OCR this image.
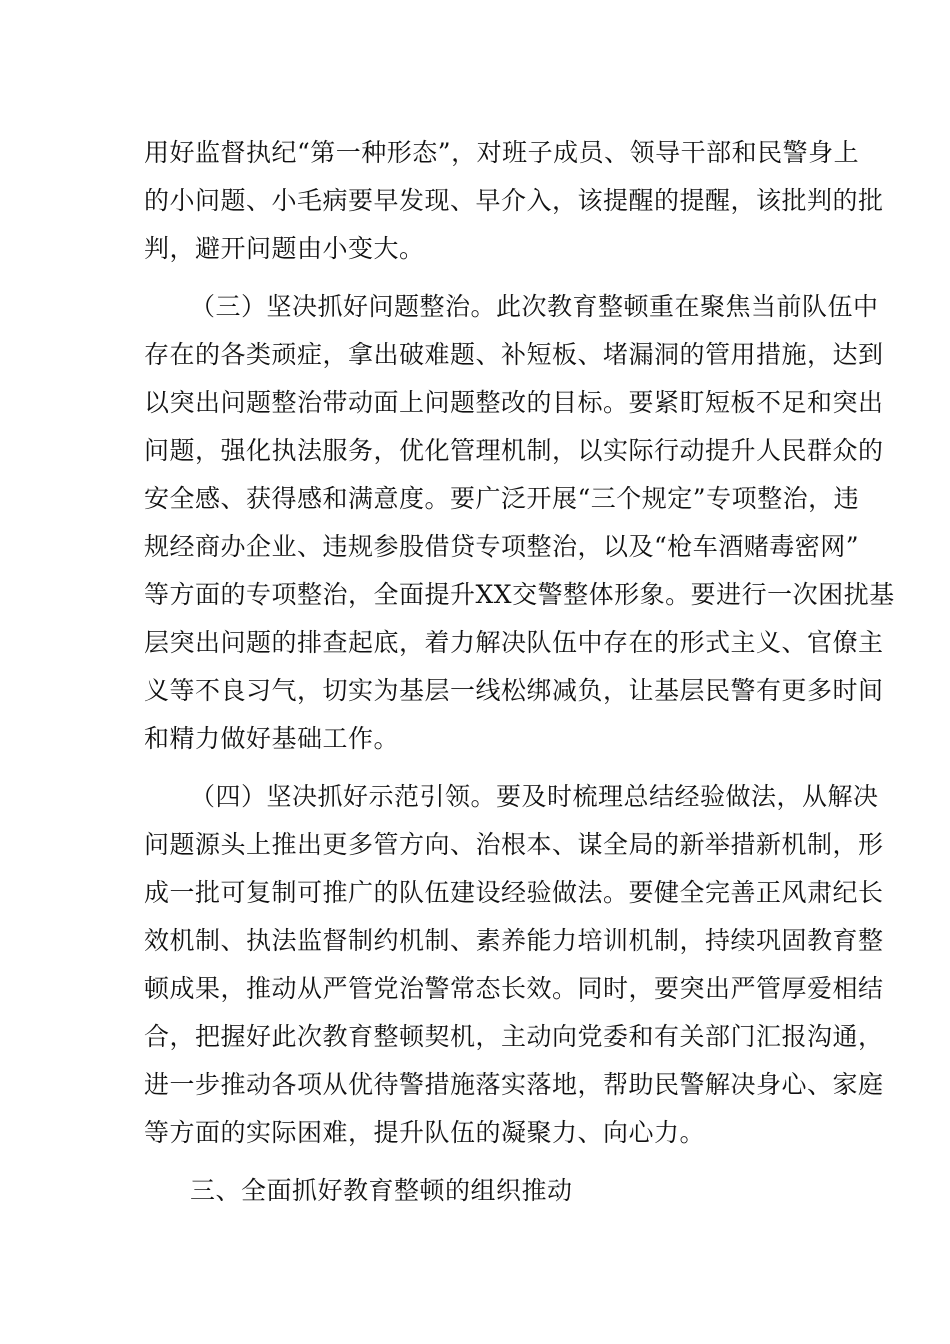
用好监督执纪“第一种形态”，对班子成员、领导干部和民警身上
的小问题、小毛病要早发现、早介入，该提醒的提醒，该批判的批
判，避开问题由小变大。
（三）坚决抓好问题整治。此次教育整顿重在聚焦当前队伍中
存在的各类顽症，拿出破难题、补短板、堵漏洞的管用措施，达到
以突出问题整治带动面上问题整改的目标。要紧盯短板不足和突出
问题，强化执法服务，优化管理机制，以实际行动提升人民群众的
安全感、获得感和满意度。要广泛开展“三个规定”专项整治，违
规经商办企业、违规参股借贷专项整治，以及“枪车酒赌毒密网”
等方面的专项整治，全面提升XX交警整体形象。要进行一次困扰基
层突出问题的排查起底，着力解决队伍中存在的形式主义、官僚主
义等不良习气，切实为基层一线松绑减负，让基层民警有更多时间
和精力做好基础工作。
（四）坚决抓好示范引领。要及时梳理总结经验做法，从解决
问题源头上推出更多管方向、治根本、谋全局的新举措新机制，形
成一批可复制可推广的队伍建设经验做法。要健全完善正风肃纪长
效机制、执法监督制约机制、素养能力培训机制，持续巩固教育整
顿成果，推动从严管党治警常态长效。同时，要突出严管厚爱相结
合，把握好此次教育整顿契机，主动向党委和有关部门汇报沟通，
进一步推动各项从优待警措施落实落地，帮助民警解决身心、家庭
等方面的实际困难，提升队伍的凝聚力、向心力。
三、全面抓好教育整顿的组织推动
